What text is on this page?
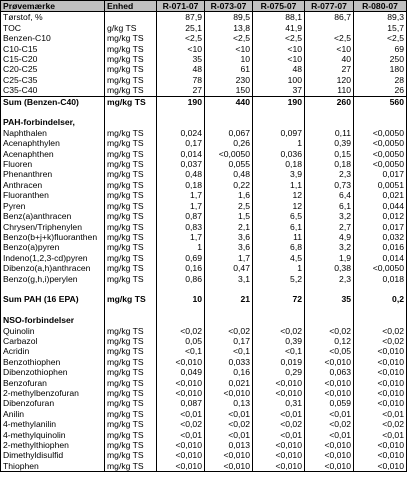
Prøvemærke	Enhed	R-071-07	R-073-07	R-075-07	R-077-07	R-080-07
Tørstof, %		87,9	89,5	88,1	86,7	89,3
TOC	g/kg TS	25,1	13,8	41,9		15,7
Benzen-C10	mg/kg TS	<2,5	<2,5	<2,5	<2,5	<2,5
C10-C15	mg/kg TS	<10	<10	<10	<10	69
C15-C20	mg/kg TS	35	10	<10	40	250
C20-C25	mg/kg TS	48	61	48	27	180
C25-C35	mg/kg TS	78	230	100	120	28
C35-C40	mg/kg TS	27	150	37	110	26
Sum (Benzen-C40)	mg/kg TS	190	440	190	260	560

PAH-forbindelser,						
Naphthalen	mg/kg TS	0,024	0,067	0,097	0,11	<0,0050
Acenaphthylen	mg/kg TS	0,17	0,26	1	0,39	<0,0050
Acenaphthen	mg/kg TS	0,014	<0,0050	0,036	0,15	<0,0050
Fluoren	mg/kg TS	0,037	0,055	0,18	0,18	<0,0050
Phenanthren	mg/kg TS	0,48	0,48	3,9	2,3	0,017
Anthracen	mg/kg TS	0,18	0,22	1,1	0,73	0,0051
Fluoranthen	mg/kg TS	1,7	1,6	12	6,4	0,021
Pyren	mg/kg TS	1,7	2,5	12	6,1	0,044
Benz(a)anthracen	mg/kg TS	0,87	1,5	6,5	3,2	0,012
Chrysen/Triphenylen	mg/kg TS	0,83	2,1	6,1	2,7	0,017
Benzo(b+j+k)fluoranthen	mg/kg TS	1,7	3,6	11	4,9	0,032
Benzo(a)pyren	mg/kg TS	1	3,6	6,8	3,2	0,016
Indeno(1,2,3-cd)pyren	mg/kg TS	0,69	1,7	4,5	1,9	0,014
Dibenzo(a,h)anthracen	mg/kg TS	0,16	0,47	1	0,38	<0,0050
Benzo(g,h,i)perylen	mg/kg TS	0,86	3,1	5,2	2,3	0,018

Sum PAH (16 EPA)	mg/kg TS	10	21	72	35	0,2

NSO-forbindelser						
Quinolin	mg/kg TS	<0,02	<0,02	<0,02	<0,02	<0,02
Carbazol	mg/kg TS	0,05	0,17	0,39	0,12	<0,02
Acridin	mg/kg TS	<0,1	<0,1	<0,1	<0,05	<0,010
Benzothiophen	mg/kg TS	<0,010	0,033	0,019	<0,010	<0,010
Dibenzothiophen	mg/kg TS	0,049	0,16	0,29	0,063	<0,010
Benzofuran	mg/kg TS	<0,010	0,021	<0,010	<0,010	<0,010
2-methylbenzofuran	mg/kg TS	<0,010	<0,010	<0,010	<0,010	<0,010
Dibenzofuran	mg/kg TS	0,087	0,13	0,31	0,059	<0,010
Anilin	mg/kg TS	<0,01	<0,01	<0,01	<0,01	<0,01
4-methylanilin	mg/kg TS	<0,02	<0,02	<0,02	<0,02	<0,02
4-methylquinolin	mg/kg TS	<0,01	<0,01	<0,01	<0,01	<0,01
2-methylthiophen	mg/kg TS	<0,010	0,013	<0,010	<0,010	<0,010
Dimethyldisulfid	mg/kg TS	<0,010	<0,010	<0,010	<0,010	<0,010
Thiophen	mg/kg TS	<0,010	<0,010	<0,010	<0,010	<0,010
